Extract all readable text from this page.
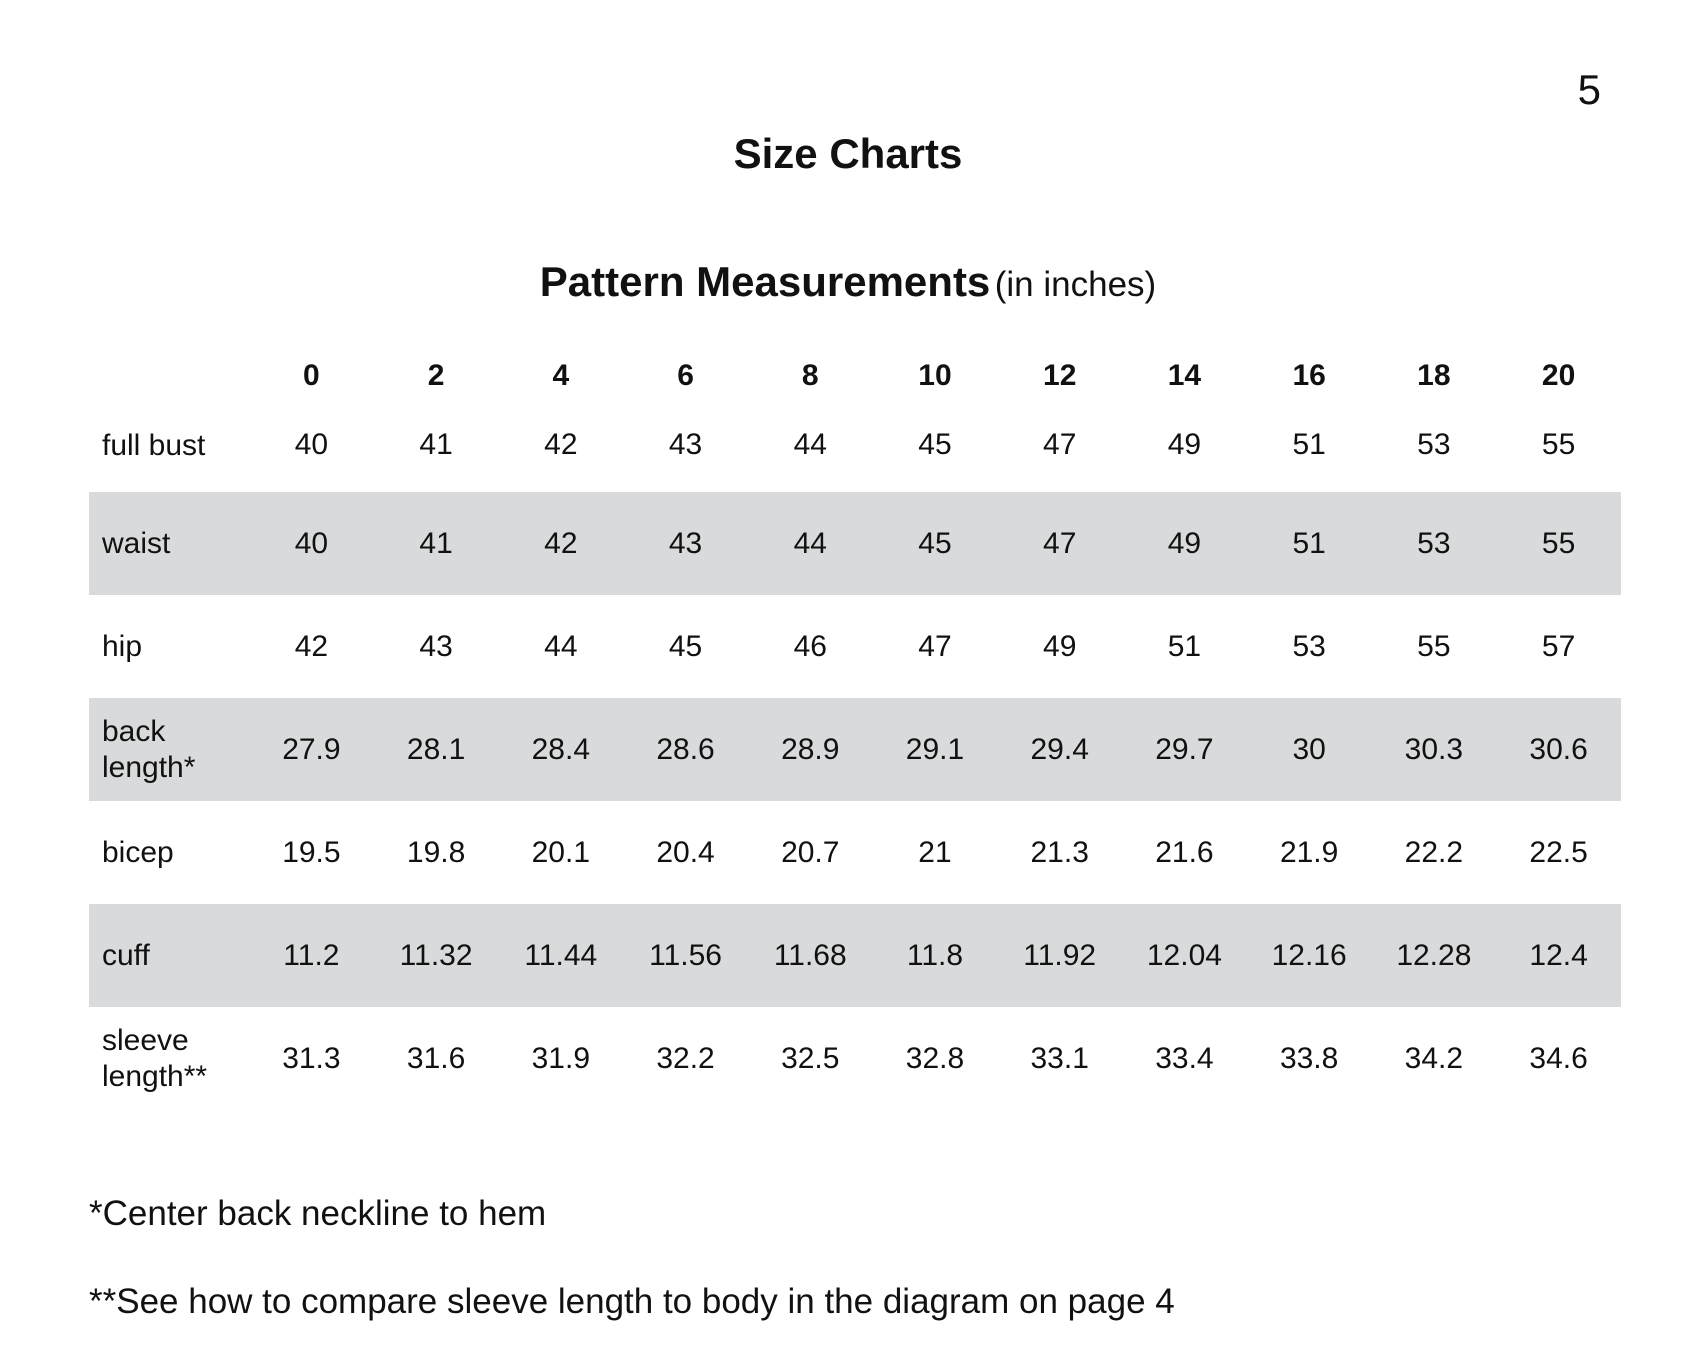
5
Size Charts
Pattern Measurements (in inches)
	0	2	4	6	8	10	12	14	16	18	20
full bust	40	41	42	43	44	45	47	49	51	53	55
waist	40	41	42	43	44	45	47	49	51	53	55
hip	42	43	44	45	46	47	49	51	53	55	57
back
length*	27.9	28.1	28.4	28.6	28.9	29.1	29.4	29.7	30	30.3	30.6
bicep	19.5	19.8	20.1	20.4	20.7	21	21.3	21.6	21.9	22.2	22.5
cuff	11.2	11.32	11.44	11.56	11.68	11.8	11.92	12.04	12.16	12.28	12.4
sleeve
length**	31.3	31.6	31.9	32.2	32.5	32.8	33.1	33.4	33.8	34.2	34.6

*Center back neckline to hem

**See how to compare sleeve length to body in the diagram on page 4
